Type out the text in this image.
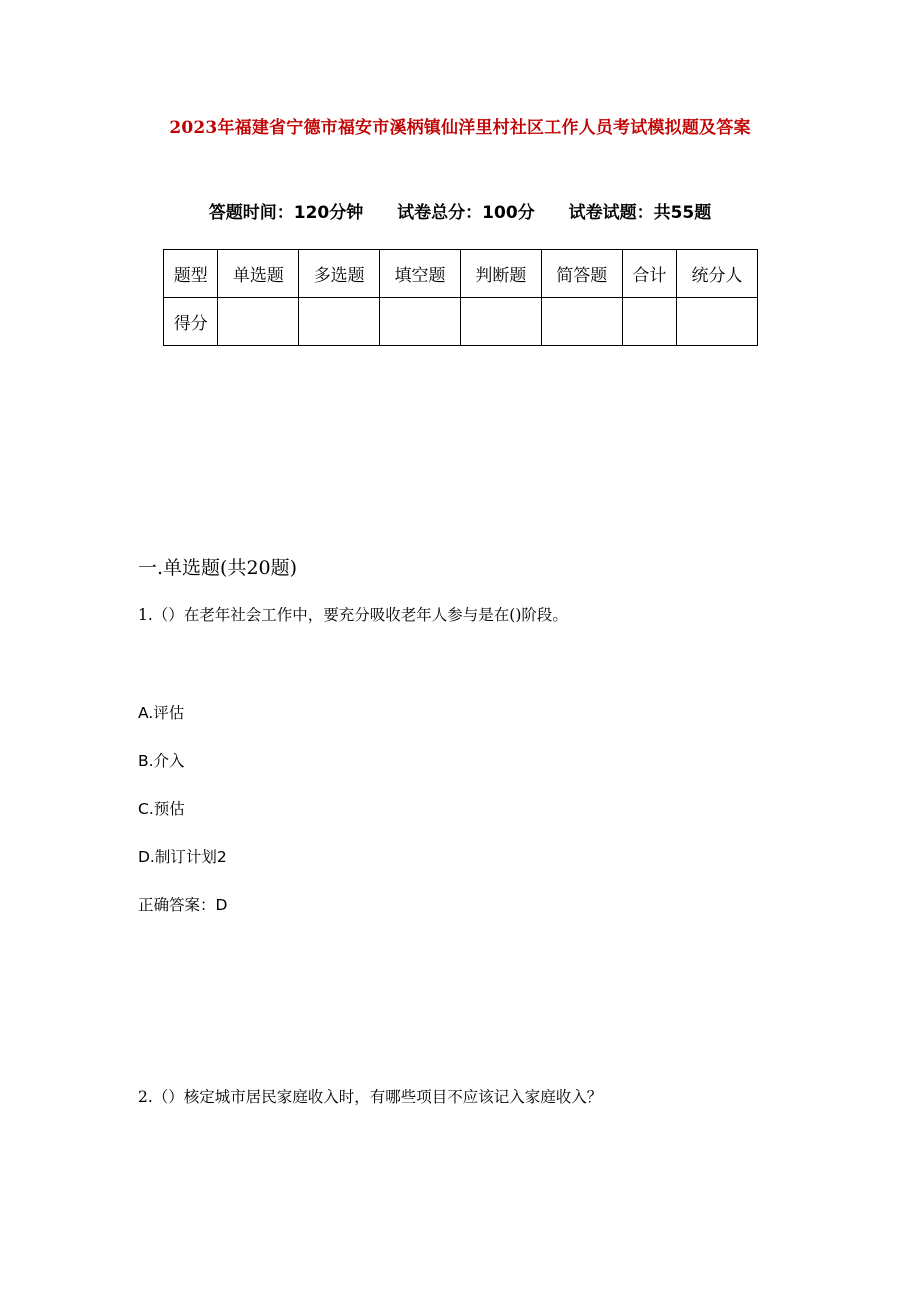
2023年福建省宁德市福安市溪柄镇仙洋里村社区工作人员考试模拟题及答案
答题时间：120分钟 试卷总分：100分 试卷试题：共55题
题型	单选题	多选题	填空题	判断题	简答题	合计	统分人
得分							
一.单选题(共20题)
1.（）在老年社会工作中，要充分吸收老年人参与是在()阶段。
A.评估
B.介入
C.预估
D.制订计划2
正确答案：D
2.（）核定城市居民家庭收入时，有哪些项目不应该记入家庭收入？
